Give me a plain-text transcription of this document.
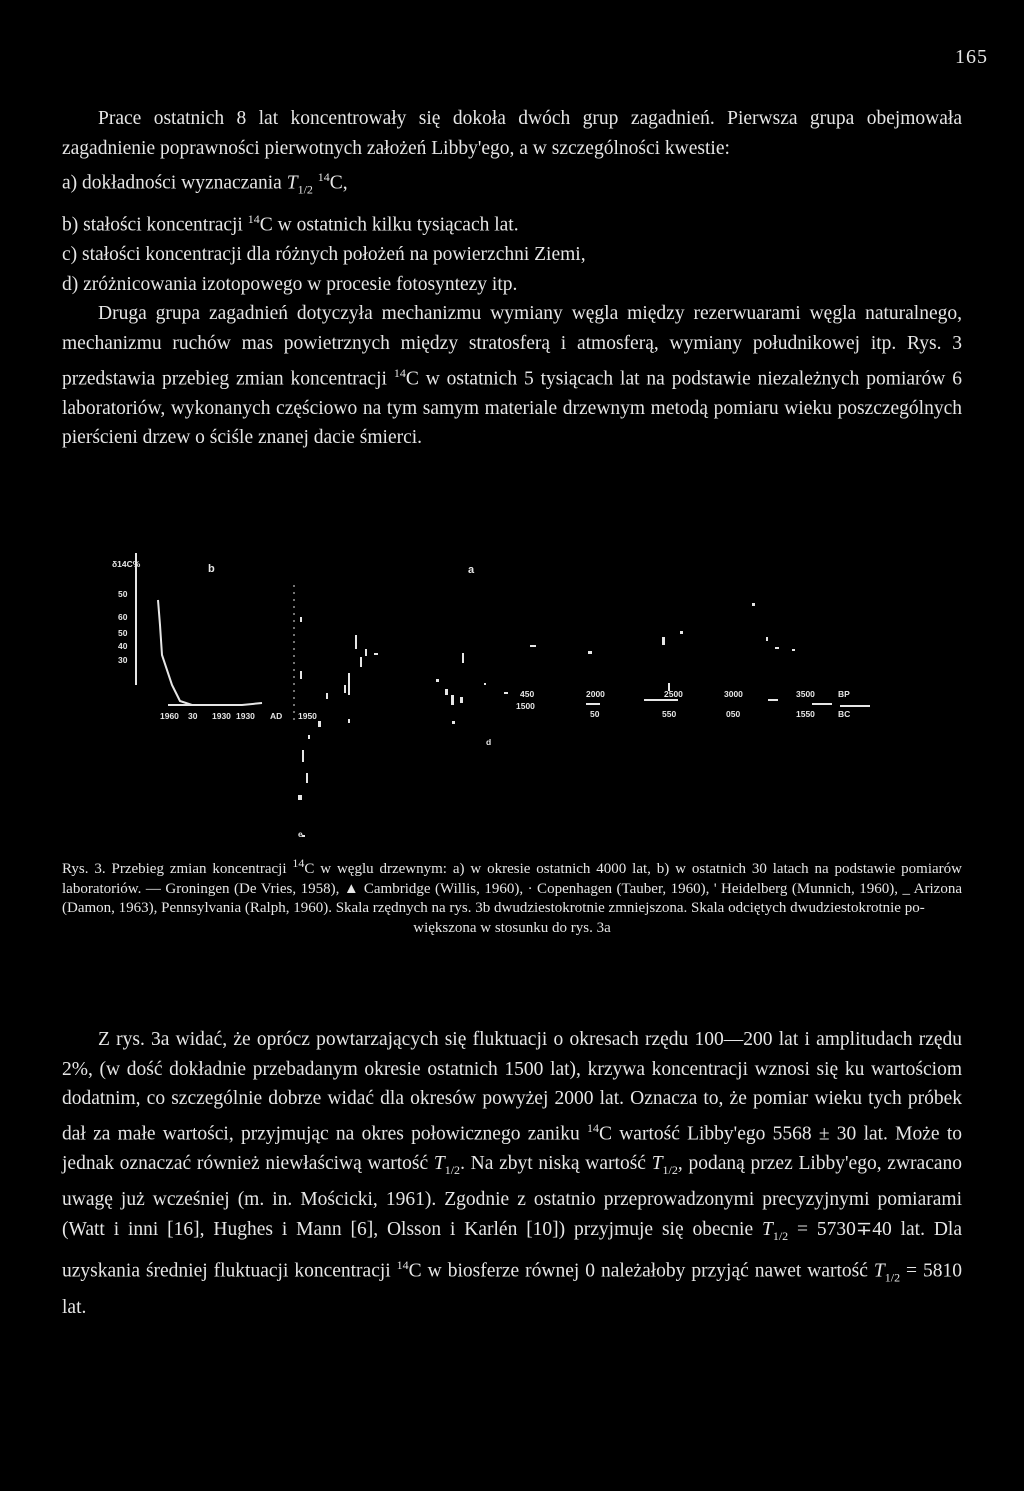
165

Prace ostatnich 8 lat koncentrowały się dokoła dwóch grup zagadnień. Pierwsza grupa obejmowała zagadnienie poprawności pierwotnych założeń Libby'ego, a w szczególności kwestie:

a) dokładności wyznaczania $T_{1/2}$ $^{14}$C,
b) stałości koncentracji $^{14}$C w ostatnich kilku tysiącach lat.
c) stałości koncentracji dla różnych położeń na powierzchni Ziemi,
d) zróżnicowania izotopowego w procesie fotosyntezy itp.

Druga grupa zagadnień dotyczyła mechanizmu wymiany węgla między rezerwuarami węgla naturalnego, mechanizmu ruchów mas powietrznych między stratosferą i atmosferą, wymiany południkowej itp. Rys. 3 przedstawia przebieg zmian koncentracji $^{14}$C w ostatnich 5 tysiącach lat na podstawie niezależnych pomiarów 6 laboratoriów, wykonanych częściowo na tym samym materiale drzewnym metodą pomiaru wieku poszczególnych pierścieni drzew o ściśle znanej dacie śmierci.

δ14C%	b	a
50
60
50
40
30
1960 30 1930 1930 AD 1950
450
1500
2000
50
2500
550
3000
050
3500
1550
BP
BC
d
e
Rys. 3. Przebieg zmian koncentracji $^{14}$C w węglu drzewnym: a) w okresie ostatnich 4000 lat, b) w ostatnich 30 latach na podstawie pomiarów laboratoriów. — Groningen (De Vries, 1958), ▲ Cambridge (Willis, 1960), · Copenhagen (Tauber, 1960), ' Heidelberg (Munnich, 1960), _ Arizona (Damon, 1963), Pennsylvania (Ralph, 1960). Skala rzędnych na rys. 3b dwudziestokrotnie zmniejszona. Skala odciętych dwudziestokrotnie po-
większona w stosunku do rys. 3a

Z rys. 3a widać, że oprócz powtarzających się fluktuacji o okresach rzędu 100—200 lat i amplitudach rzędu 2%, (w dość dokładnie przebadanym okresie ostatnich 1500 lat), krzywa koncentracji wznosi się ku wartościom dodatnim, co szczególnie dobrze widać dla okresów powyżej 2000 lat. Oznacza to, że pomiar wieku tych próbek dał za małe wartości, przyjmując na okres połowicznego zaniku $^{14}$C wartość Libby'ego 5568 ± 30 lat. Może to jednak oznaczać również niewłaściwą wartość $T_{1/2}$. Na zbyt niską wartość $T_{1/2}$, podaną przez Libby'ego, zwracano uwagę już wcześniej (m. in. Mościcki, 1961). Zgodnie z ostatnio przeprowadzonymi precyzyjnymi pomiarami (Watt i inni [16], Hughes i Mann [6], Olsson i Karlén [10]) przyjmuje się obecnie $T_{1/2} = 5730\mp 40$ lat. Dla uzyskania średniej fluktuacji koncentracji $^{14}$C w biosferze równej 0 należałoby przyjąć nawet wartość $T_{1/2} = 5810$ lat.
